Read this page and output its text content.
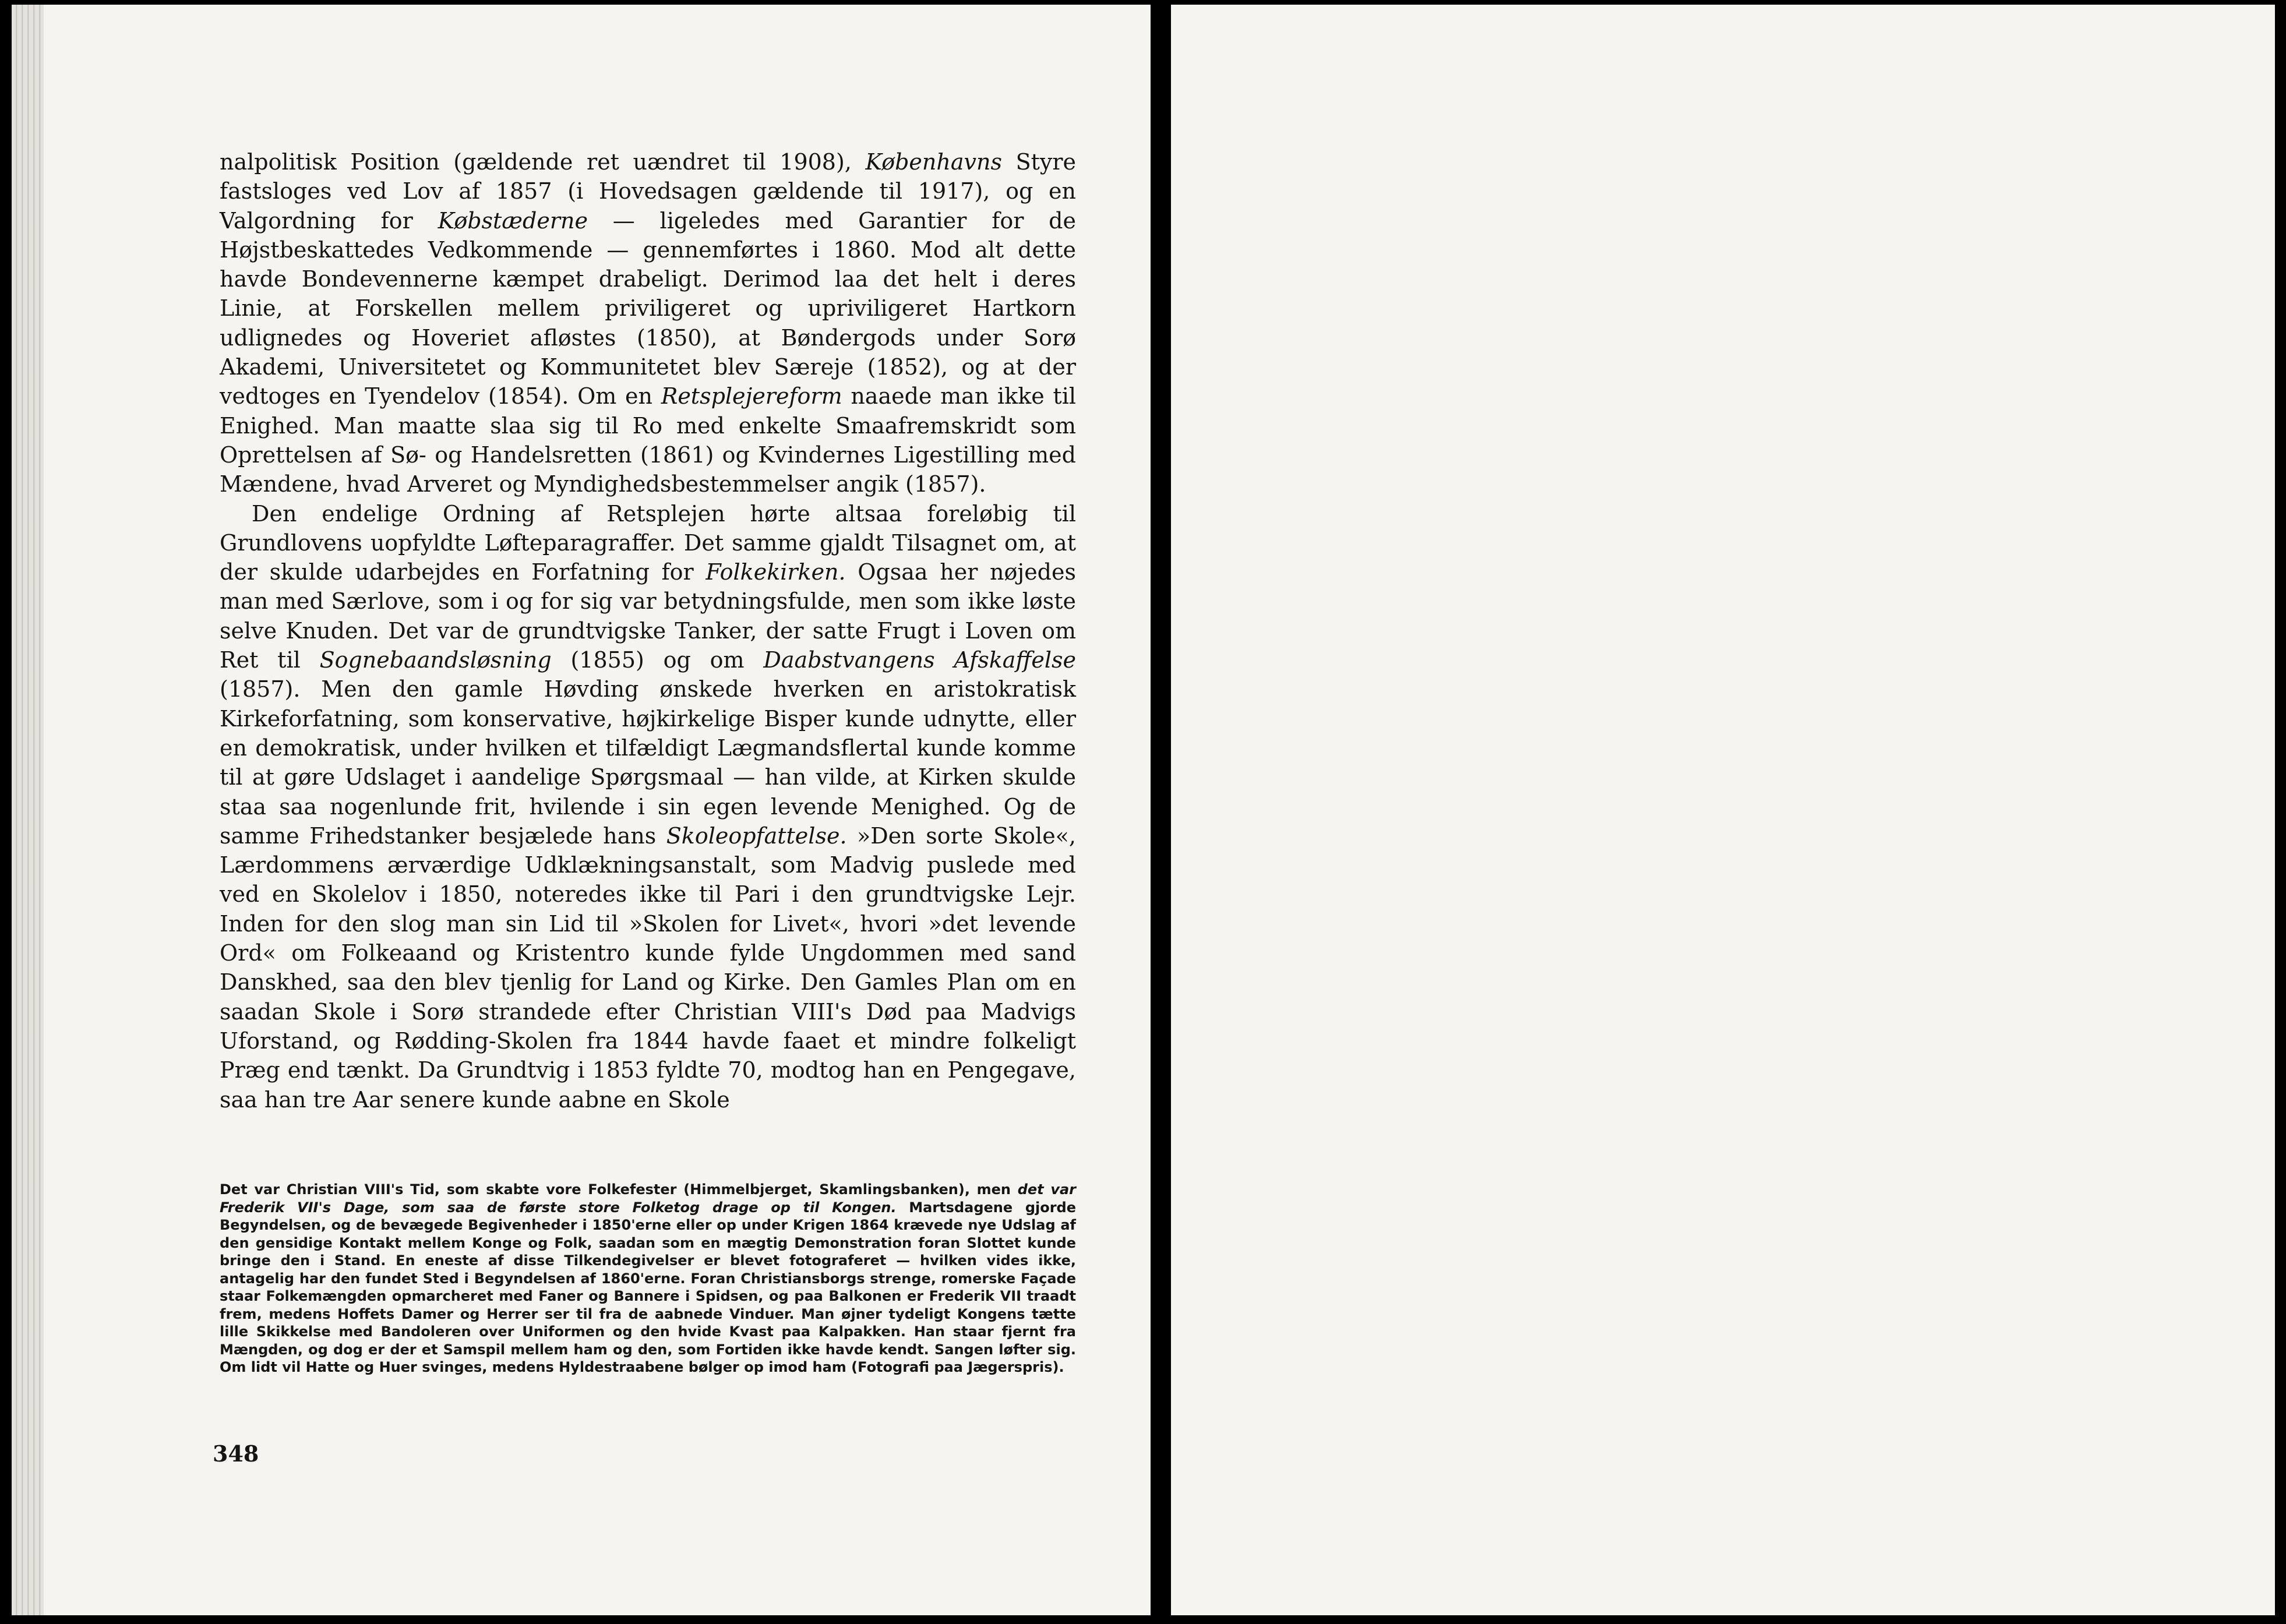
nalpolitisk Position (gældende ret uændret til 1908), Københavns Styre fastsloges ved Lov af 1857 (i Hovedsagen gældende til 1917), og en Valgordning for Købstæderne — ligeledes med Garantier for de Højstbeskattedes Vedkommende — gennemførtes i 1860. Mod alt dette havde Bondevennerne kæmpet drabeligt. Derimod laa det helt i deres Linie, at Forskellen mellem priviligeret og upriviligeret Hartkorn udlignedes og Hoveriet afløstes (1850), at Bøndergods under Sorø Akademi, Universitetet og Kommunitetet blev Særeje (1852), og at der vedtoges en Tyendelov (1854). Om en Retsplejereform naaede man ikke til Enighed. Man maatte slaa sig til Ro med enkelte Smaafremskridt som Oprettelsen af Sø- og Handelsretten (1861) og Kvindernes Ligestilling med Mændene, hvad Arveret og Myndighedsbestemmelser angik (1857).

Den endelige Ordning af Retsplejen hørte altsaa foreløbig til Grundlovens uopfyldte Løfteparagraffer. Det samme gjaldt Tilsagnet om, at der skulde udarbejdes en Forfatning for Folkekirken. Ogsaa her nøjedes man med Særlove, som i og for sig var betydningsfulde, men som ikke løste selve Knuden. Det var de grundtvigske Tanker, der satte Frugt i Loven om Ret til Sognebaandsløsning (1855) og om Daabstvangens Afskaffelse (1857). Men den gamle Høvding ønskede hverken en aristokratisk Kirkeforfatning, som konservative, højkirkelige Bisper kunde udnytte, eller en demokratisk, under hvilken et tilfældigt Lægmandsflertal kunde komme til at gøre Udslaget i aandelige Spørgsmaal — han vilde, at Kirken skulde staa saa nogenlunde frit, hvilende i sin egen levende Menighed. Og de samme Frihedstanker besjælede hans Skoleopfattelse. »Den sorte Skole«, Lærdommens ærværdige Udklækningsanstalt, som Madvig puslede med ved en Skolelov i 1850, noteredes ikke til Pari i den grundtvigske Lejr. Inden for den slog man sin Lid til »Skolen for Livet«, hvori »det levende Ord« om Folkeaand og Kristentro kunde fylde Ungdommen med sand Danskhed, saa den blev tjenlig for Land og Kirke. Den Gamles Plan om en saadan Skole i Sorø strandede efter Christian VIII's Død paa Madvigs Uforstand, og Rødding-Skolen fra 1844 havde faaet et mindre folkeligt Præg end tænkt. Da Grundtvig i 1853 fyldte 70, modtog han en Pengegave, saa han tre Aar senere kunde aabne en Skole

Det var Christian VIII's Tid, som skabte vore Folkefester (Himmelbjerget, Skamlingsbanken), men det var Frederik VII's Dage, som saa de første store Folketog drage op til Kongen. Martsdagene gjorde Begyndelsen, og de bevægede Begivenheder i 1850'erne eller op under Krigen 1864 krævede nye Udslag af den gensidige Kontakt mellem Konge og Folk, saadan som en mægtig Demonstration foran Slottet kunde bringe den i Stand. En eneste af disse Tilkendegivelser er blevet fotograferet — hvilken vides ikke, antagelig har den fundet Sted i Begyndelsen af 1860'erne. Foran Christiansborgs strenge, romerske Façade staar Folkemængden opmarcheret med Faner og Bannere i Spidsen, og paa Balkonen er Frederik VII traadt frem, medens Hoffets Damer og Herrer ser til fra de aabnede Vinduer. Man øjner tydeligt Kongens tætte lille Skikkelse med Bandoleren over Uniformen og den hvide Kvast paa Kalpakken. Han staar fjernt fra Mængden, og dog er der et Samspil mellem ham og den, som Fortiden ikke havde kendt. Sangen løfter sig. Om lidt vil Hatte og Huer svinges, medens Hyldestraabene bølger op imod ham (Fotografi paa Jægerspris).
348
